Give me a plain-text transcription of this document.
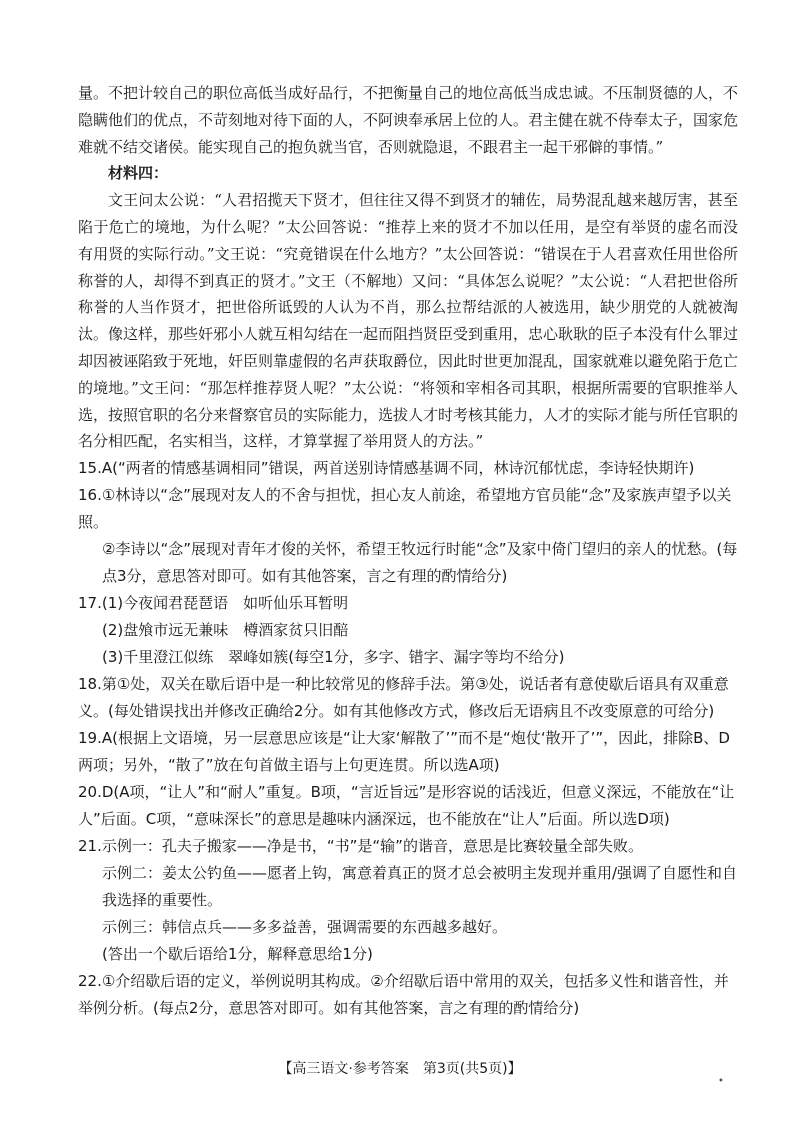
量。不把计较自己的职位高低当成好品行，不把衡量自己的地位高低当成忠诚。不压制贤德的人，不隐瞒他们的优点，不苛刻地对待下面的人，不阿谀奉承居上位的人。君主健在就不侍奉太子，国家危难就不结交诸侯。能实现自己的抱负就当官，否则就隐退，不跟君主一起干邪僻的事情。”

材料四：

文王问太公说：“人君招揽天下贤才，但往往又得不到贤才的辅佐，局势混乱越来越厉害，甚至陷于危亡的境地，为什么呢？”太公回答说：“推荐上来的贤才不加以任用，是空有举贤的虚名而没有用贤的实际行动。”文王说：“究竟错误在什么地方？”太公回答说：“错误在于人君喜欢任用世俗所称誉的人，却得不到真正的贤才。”文王（不解地）又问：“具体怎么说呢？”太公说：“人君把世俗所称誉的人当作贤才，把世俗所诋毁的人认为不肖，那么拉帮结派的人被选用，缺少朋党的人就被淘汰。像这样，那些奸邪小人就互相勾结在一起而阻挡贤臣受到重用，忠心耿耿的臣子本没有什么罪过却因被诬陷致于死地，奸臣则靠虚假的名声获取爵位，因此时世更加混乱，国家就难以避免陷于危亡的境地。”文王问：“那怎样推荐贤人呢？”太公说：“将领和宰相各司其职，根据所需要的官职推举人选，按照官职的名分来督察官员的实际能力，选拔人才时考核其能力，人才的实际才能与所任官职的名分相匹配，名实相当，这样，才算掌握了举用贤人的方法。”

15.A(“两者的情感基调相同”错误，两首送别诗情感基调不同，林诗沉郁忧虑，李诗轻快期许)

16.①林诗以“念”展现对友人的不舍与担忧，担心友人前途，希望地方官员能“念”及家族声望予以关照。

②李诗以“念”展现对青年才俊的关怀，希望王牧远行时能“念”及家中倚门望归的亲人的忧愁。(每点3分，意思答对即可。如有其他答案，言之有理的酌情给分)

17.(1)今夜闻君琵琶语　如听仙乐耳暂明

(2)盘飧市远无兼味　樽酒家贫只旧醅

(3)千里澄江似练　翠峰如簇(每空1分，多字、错字、漏字等均不给分)

18.第①处，双关在歇后语中是一种比较常见的修辞手法。第③处，说话者有意使歇后语具有双重意义。(每处错误找出并修改正确给2分。如有其他修改方式，修改后无语病且不改变原意的可给分)

19.A(根据上文语境，另一层意思应该是“让大家‘解散了’”而不是“炮仗‘散开了’”，因此，排除B、D两项；另外，“散了”放在句首做主语与上句更连贯。所以选A项)

20.D(A项，“让人”和“耐人”重复。B项，“言近旨远”是形容说的话浅近，但意义深远，不能放在“让人”后面。C项，“意味深长”的意思是趣味内涵深远，也不能放在“让人”后面。所以选D项)

21.示例一：孔夫子搬家——净是书，“书”是“输”的谐音，意思是比赛较量全部失败。

示例二：姜太公钓鱼——愿者上钩，寓意着真正的贤才总会被明主发现并重用/强调了自愿性和自我选择的重要性。

示例三：韩信点兵——多多益善，强调需要的东西越多越好。

(答出一个歇后语给1分，解释意思给1分)

22.①介绍歇后语的定义，举例说明其构成。②介绍歇后语中常用的双关，包括多义性和谐音性，并举例分析。(每点2分，意思答对即可。如有其他答案，言之有理的酌情给分)

【高三语文·参考答案　第3页(共5页)】
•
